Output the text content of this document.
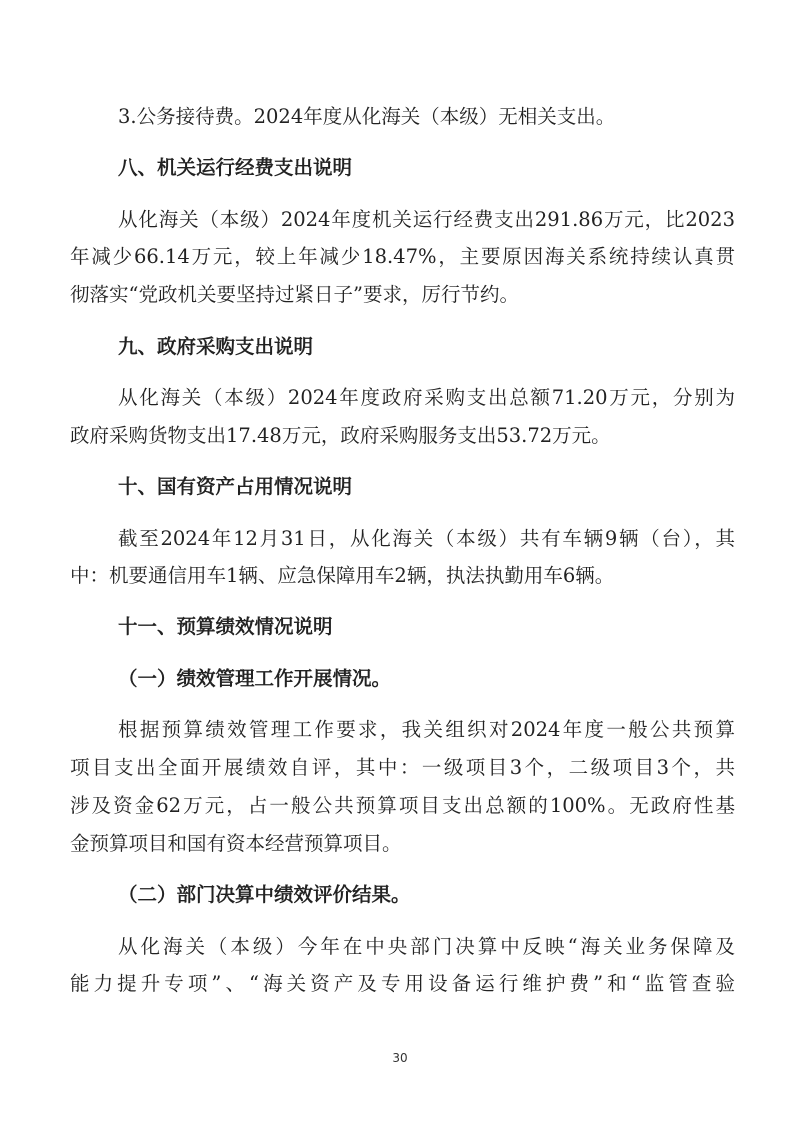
3.公务接待费。2024年度从化海关（本级）无相关支出。
八、机关运行经费支出说明
从化海关（本级）2024年度机关运行经费支出291.86万元，比2023
年减少66.14万元，较上年减少18.47%，主要原因海关系统持续认真贯
彻落实“党政机关要坚持过紧日子”要求，厉行节约。
九、政府采购支出说明
从化海关（本级）2024年度政府采购支出总额71.20万元，分别为
政府采购货物支出17.48万元，政府采购服务支出53.72万元。
十、国有资产占用情况说明
截至2024年12月31日，从化海关（本级）共有车辆9辆（台），其
中：机要通信用车1辆、应急保障用车2辆，执法执勤用车6辆。
十一、预算绩效情况说明
（一）绩效管理工作开展情况。
根据预算绩效管理工作要求，我关组织对2024年度一般公共预算
项目支出全面开展绩效自评，其中：一级项目3个，二级项目3个，共
涉及资金62万元，占一般公共预算项目支出总额的100%。无政府性基
金预算项目和国有资本经营预算项目。
（二）部门决算中绩效评价结果。
从化海关（本级）今年在中央部门决算中反映“海关业务保障及
能力提升专项”、“海关资产及专用设备运行维护费”和“监管查验
30
